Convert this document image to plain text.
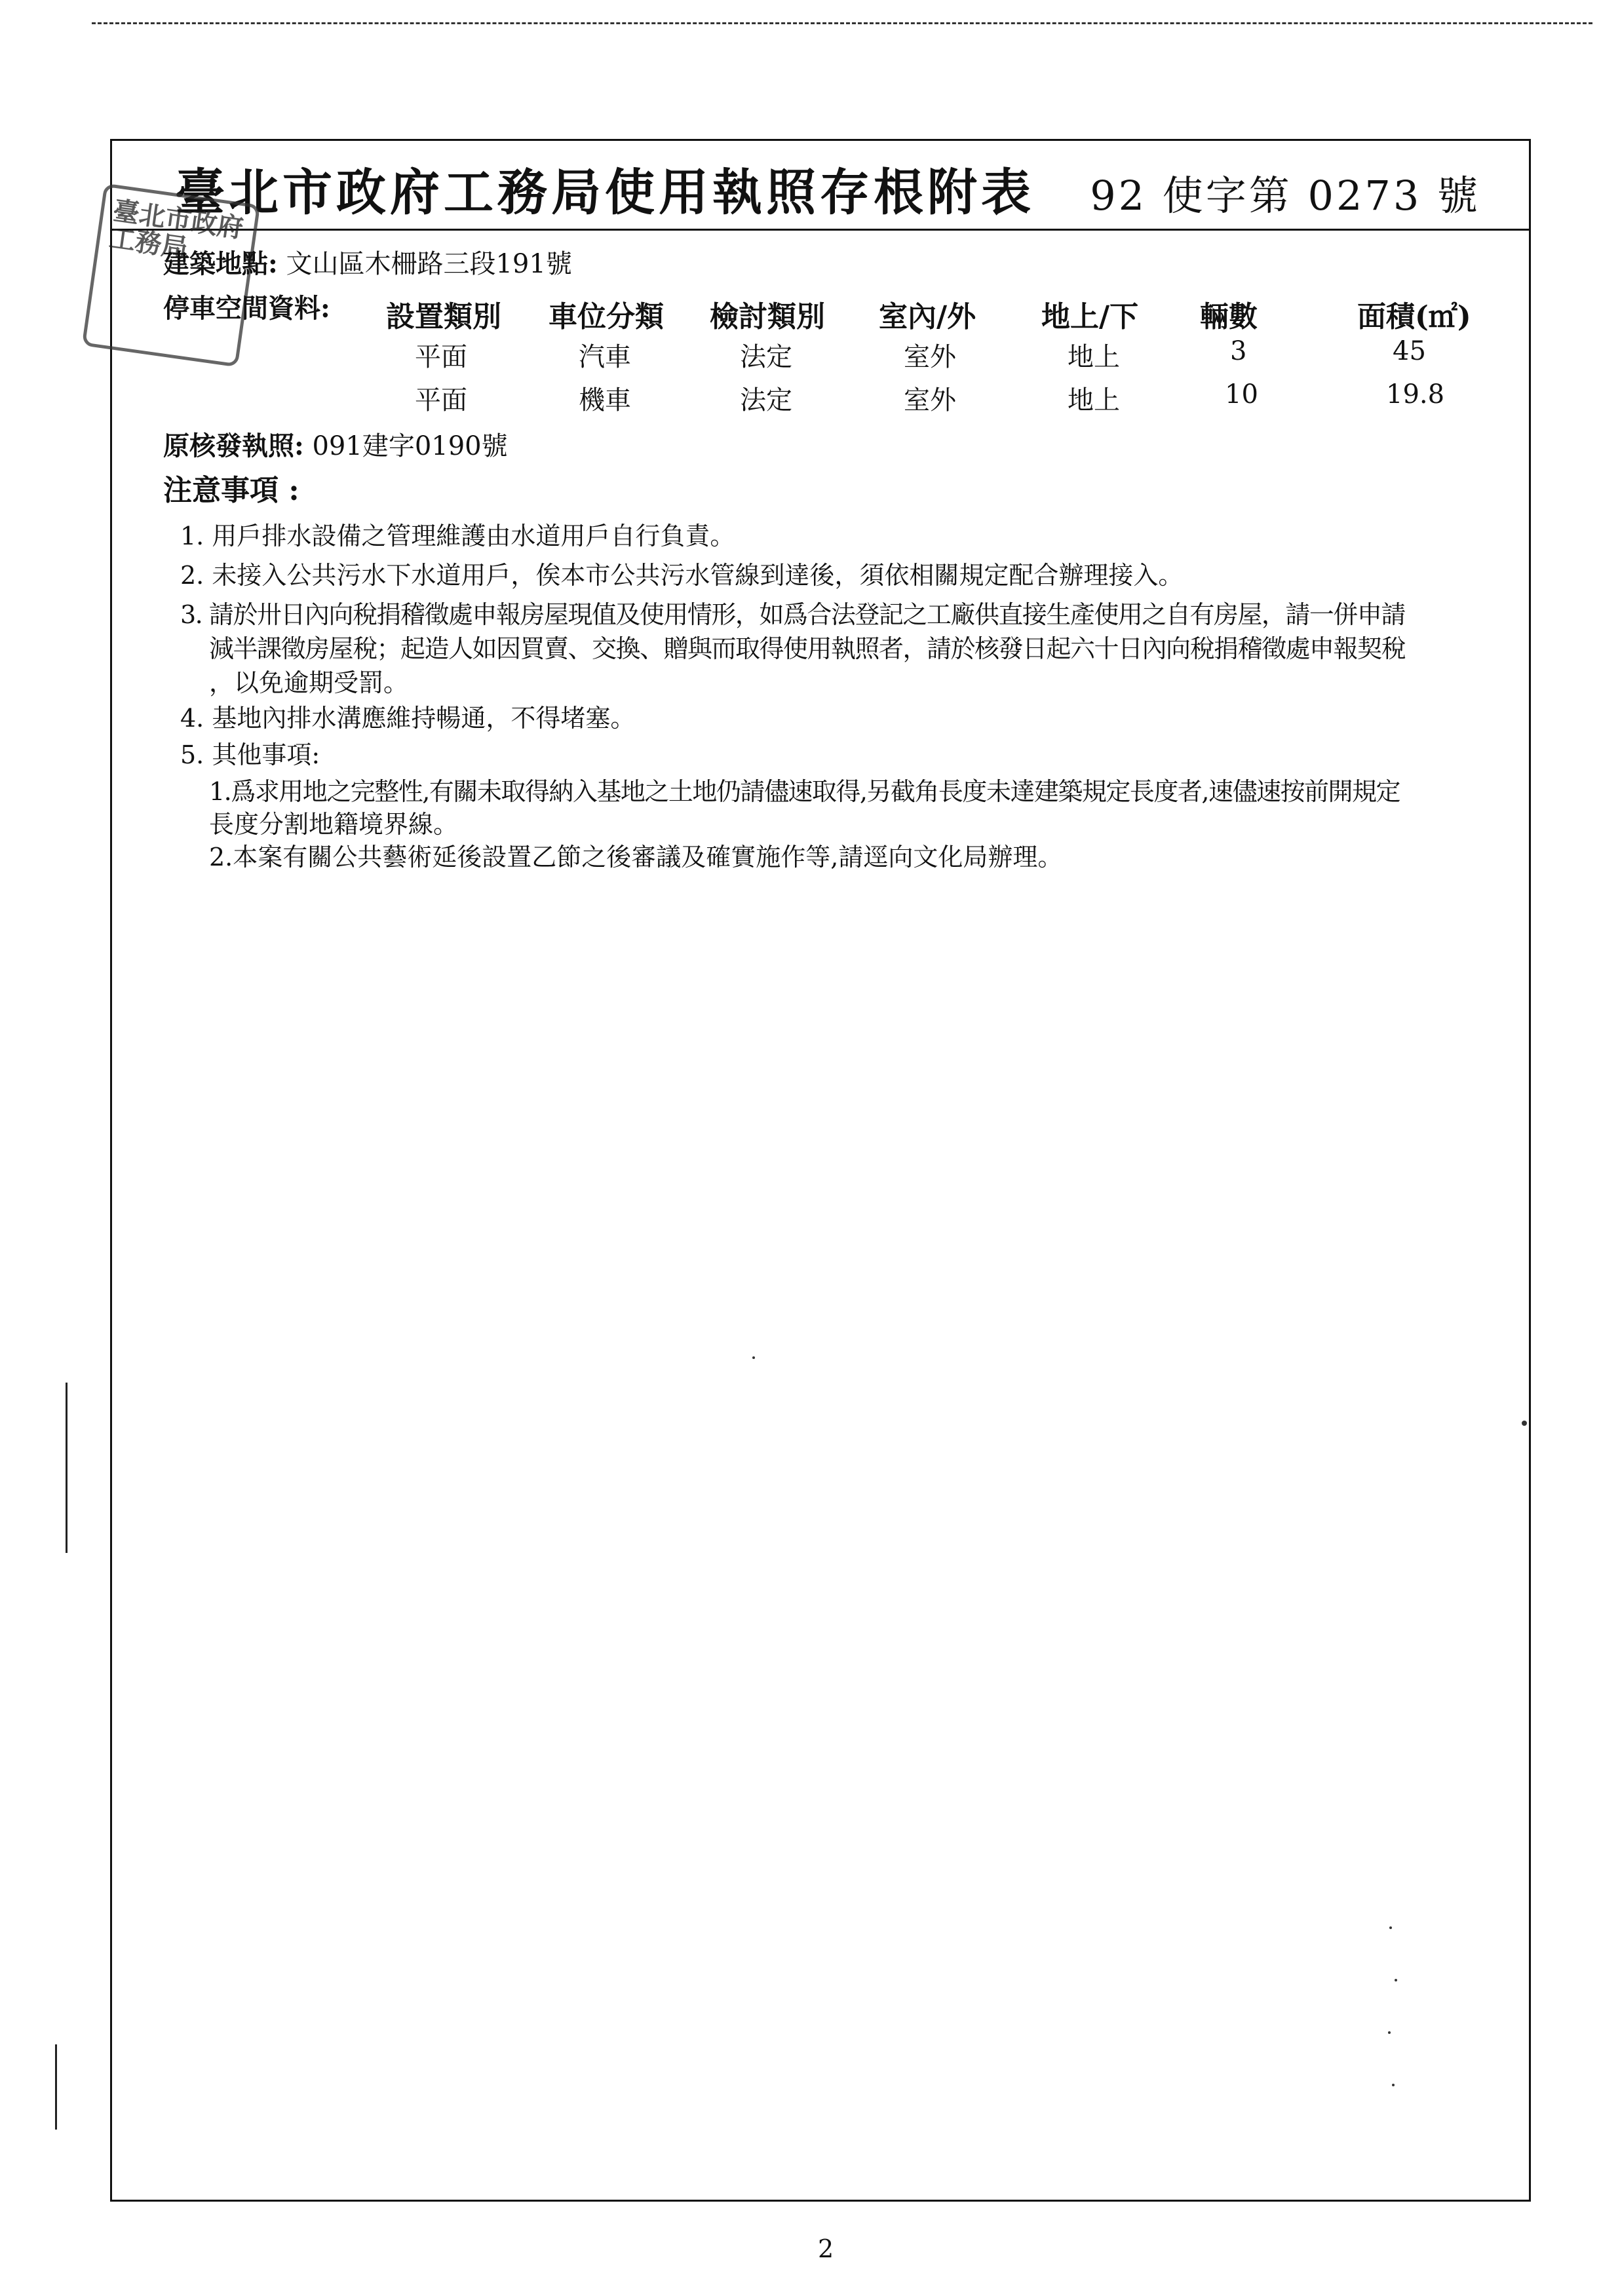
臺北市政府工務局使用執照存根附表 92 使字第 0273 號
臺北市政府工務局
建築地點: 文山區木柵路三段191號
停車空間資料: 設置類別 車位分類 檢討類別 室內/外 地上/下 輛數	面積(㎡)
平面	汽車	法定	室外	地上	3	45
平面	機車	法定	室外	地上	10	19.8
原核發執照: 091建字0190號
注意事項 :
1. 用戶排水設備之管理維護由水道用戶自行負責。
2. 未接入公共污水下水道用戶，俟本市公共污水管線到達後，須依相關規定配合辦理接入。
3. 請於卅日內向稅捐稽徵處申報房屋現值及使用情形，如爲合法登記之工廠供直接生產使用之自有房屋，請一併申請
減半課徵房屋稅；起造人如因買賣、交換、贈與而取得使用執照者，請於核發日起六十日內向稅捐稽徵處申報契稅
，以免逾期受罰。
4. 基地內排水溝應維持暢通，不得堵塞。
5. 其他事項:
1.爲求用地之完整性,有關未取得納入基地之土地仍請儘速取得,另截角長度未達建築規定長度者,速儘速按前開規定
長度分割地籍境界線。
2.本案有關公共藝術延後設置乙節之後審議及確實施作等,請逕向文化局辦理。
2
